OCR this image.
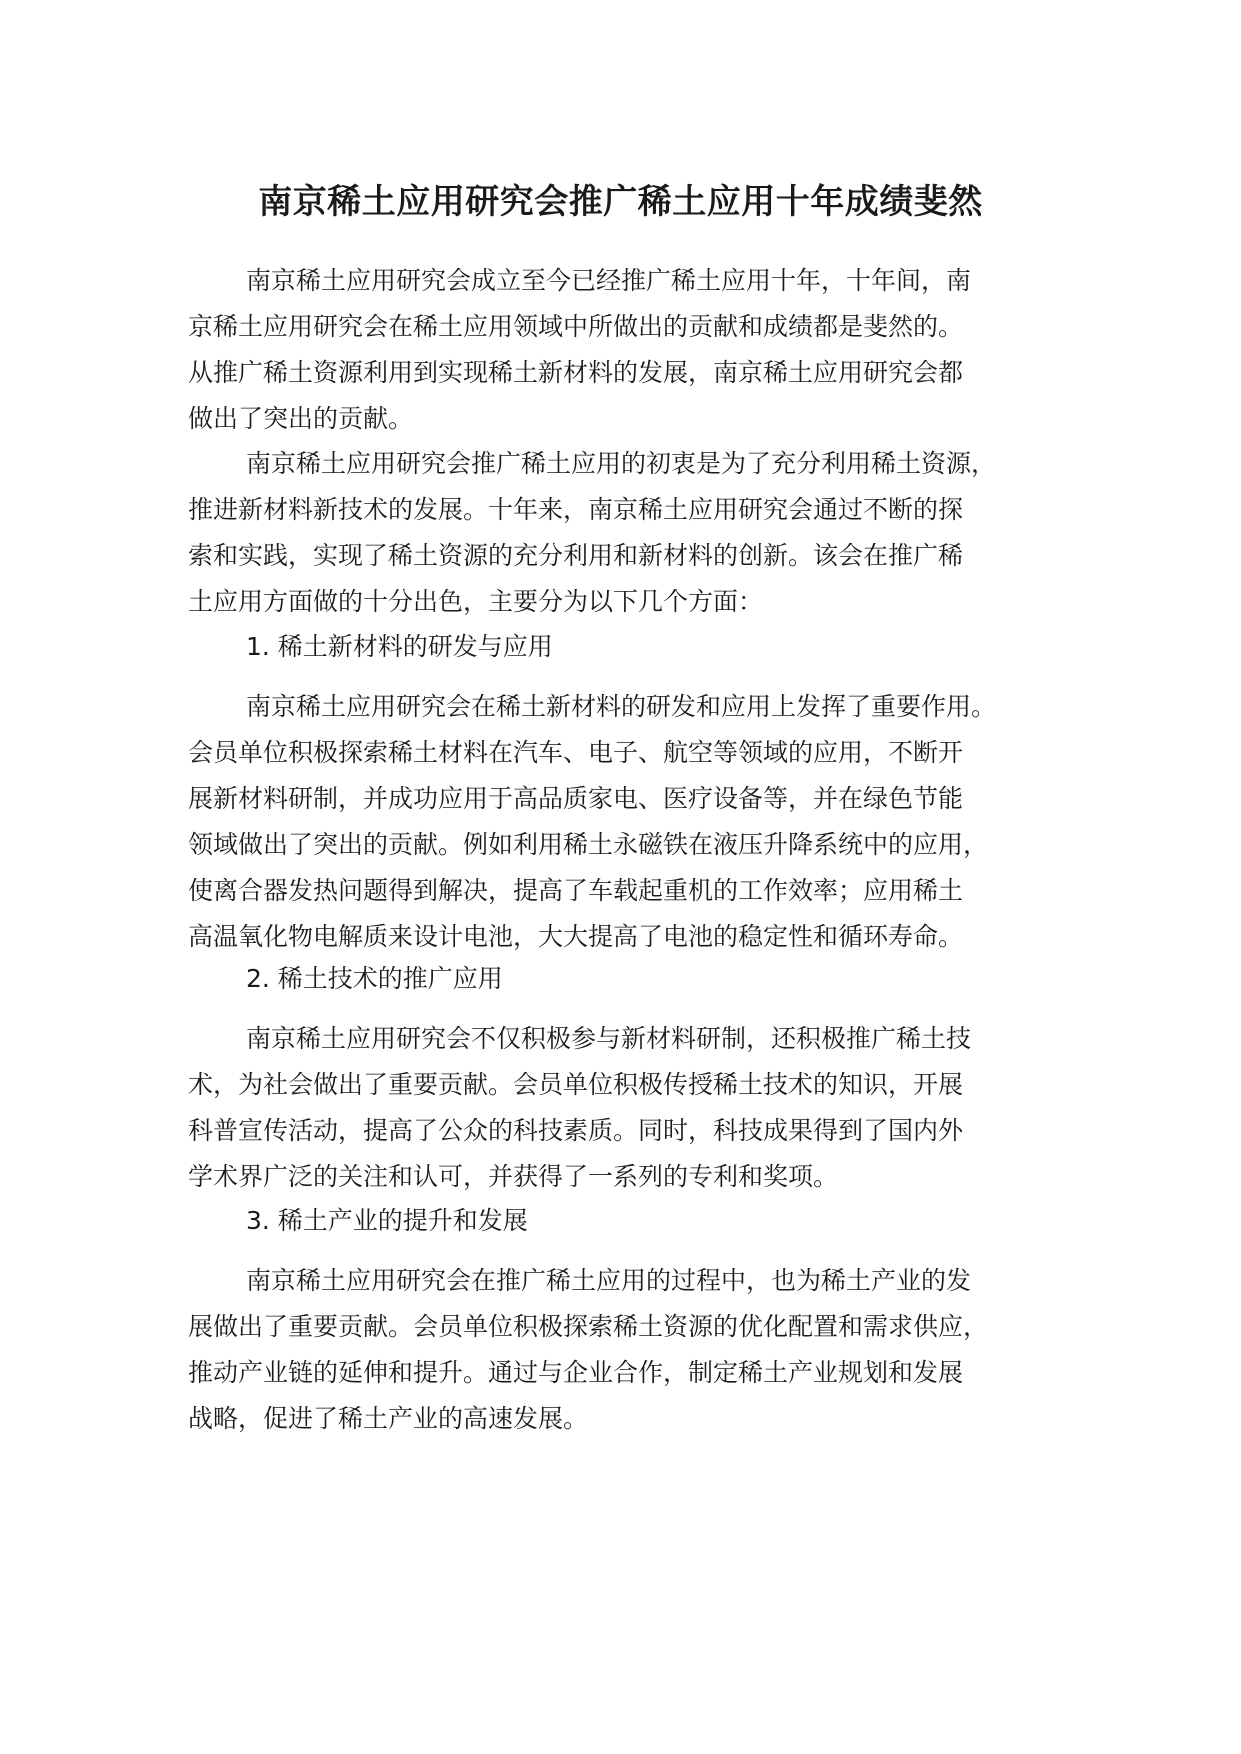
南京稀土应用研究会推广稀土应用十年成绩斐然

南京稀土应用研究会成立至今已经推广稀土应用十年，十年间，南
京稀土应用研究会在稀土应用领域中所做出的贡献和成绩都是斐然的。
从推广稀土资源利用到实现稀土新材料的发展，南京稀土应用研究会都
做出了突出的贡献。

南京稀土应用研究会推广稀土应用的初衷是为了充分利用稀土资源，
推进新材料新技术的发展。十年来，南京稀土应用研究会通过不断的探
索和实践，实现了稀土资源的充分利用和新材料的创新。该会在推广稀
土应用方面做的十分出色，主要分为以下几个方面：

1. 稀土新材料的研发与应用

南京稀土应用研究会在稀土新材料的研发和应用上发挥了重要作用。
会员单位积极探索稀土材料在汽车、电子、航空等领域的应用，不断开
展新材料研制，并成功应用于高品质家电、医疗设备等，并在绿色节能
领域做出了突出的贡献。例如利用稀土永磁铁在液压升降系统中的应用，
使离合器发热问题得到解决，提高了车载起重机的工作效率；应用稀土
高温氧化物电解质来设计电池，大大提高了电池的稳定性和循环寿命。

2. 稀土技术的推广应用

南京稀土应用研究会不仅积极参与新材料研制，还积极推广稀土技
术，为社会做出了重要贡献。会员单位积极传授稀土技术的知识，开展
科普宣传活动，提高了公众的科技素质。同时，科技成果得到了国内外
学术界广泛的关注和认可，并获得了一系列的专利和奖项。

3. 稀土产业的提升和发展

南京稀土应用研究会在推广稀土应用的过程中，也为稀土产业的发
展做出了重要贡献。会员单位积极探索稀土资源的优化配置和需求供应，
推动产业链的延伸和提升。通过与企业合作，制定稀土产业规划和发展
战略，促进了稀土产业的高速发展。
